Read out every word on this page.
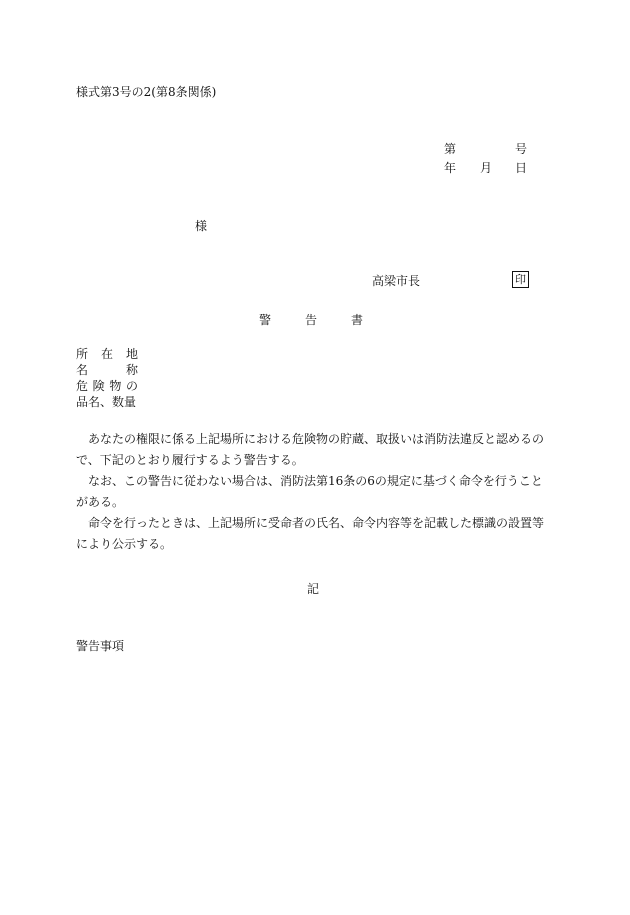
様式第3号の2(第8条関係)
第	号
年 月 日
様
高梁市長	印
警	告	書
所在地
名称
危険物の
品名、数量

あなたの権限に係る上記場所における危険物の貯蔵、取扱いは消防法違反と認めるので、下記のとおり履行するよう警告する。

なお、この警告に従わない場合は、消防法第16条の6の規定に基づく命令を行うことがある。

命令を行ったときは、上記場所に受命者の氏名、命令内容等を記載した標識の設置等により公示する。

記
警告事項
